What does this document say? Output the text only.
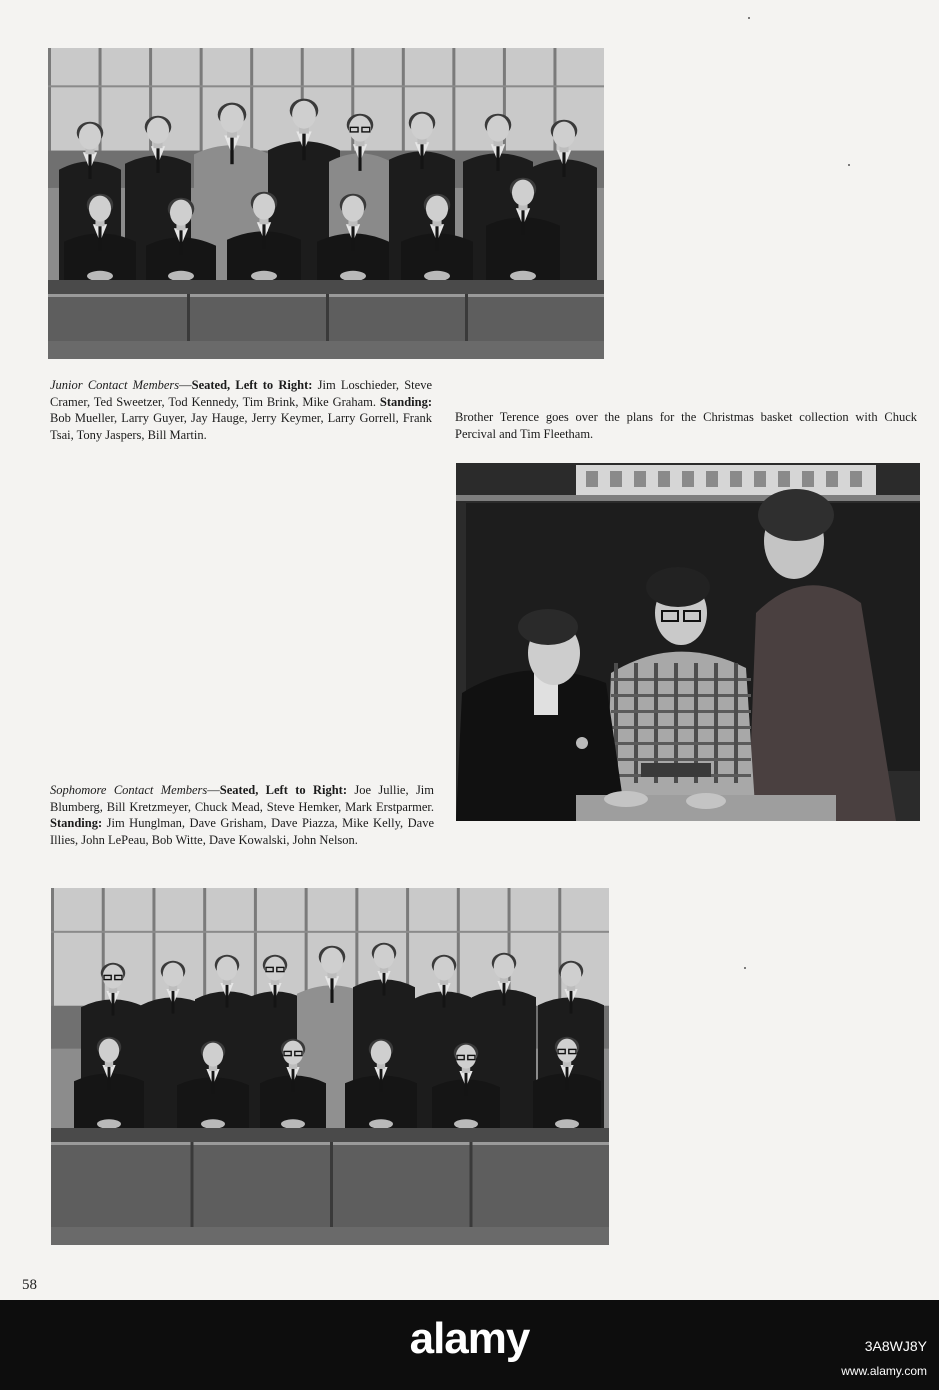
Junior Contact Members—Seated, Left to Right: Jim Loschieder, Steve Cramer, Ted Sweetzer, Tod Kennedy, Tim Brink, Mike Graham. Standing: Bob Mueller, Larry Guyer, Jay Hauge, Jerry Keymer, Larry Gorrell, Frank Tsai, Tony Jaspers, Bill Martin.
Brother Terence goes over the plans for the Christmas basket collection with Chuck Percival and Tim Fleetham.
Sophomore Contact Members—Seated, Left to Right: Joe Jullie, Jim Blumberg, Bill Kretzmeyer, Chuck Mead, Steve Hemker, Mark Erstparmer. Standing: Jim Hunglman, Dave Grisham, Dave Piazza, Mike Kelly, Dave Illies, John LePeau, Bob Witte, Dave Kowalski, John Nelson.
58
alamy	3A8WJ8Y
www.alamy.com
